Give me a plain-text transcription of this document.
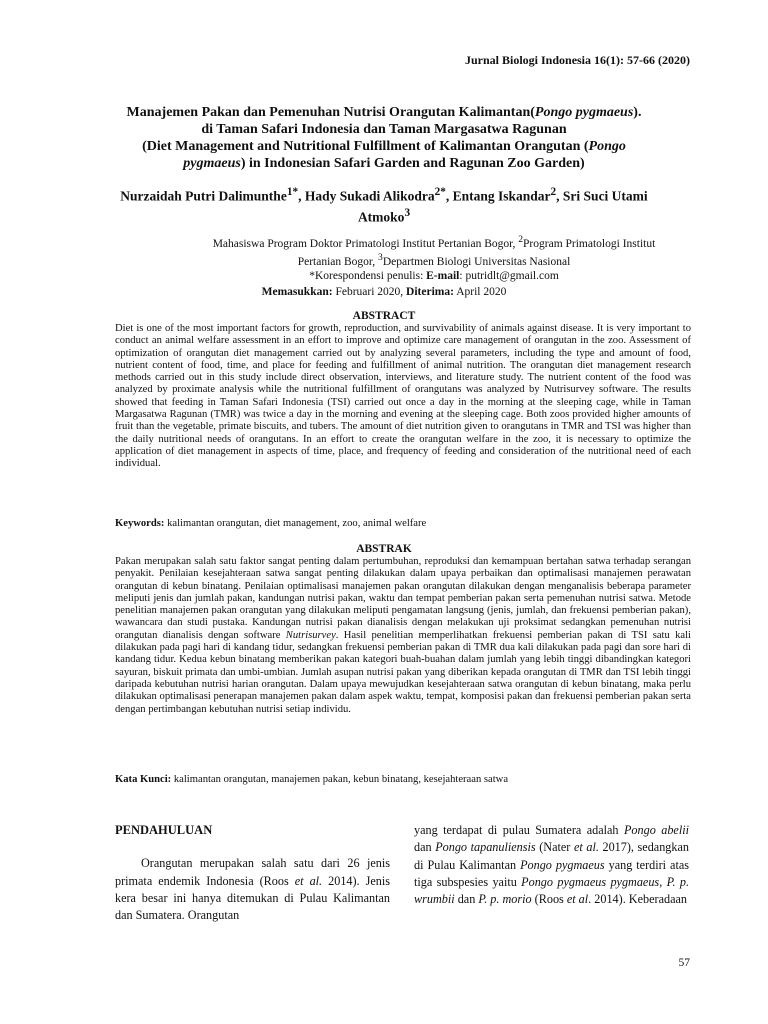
Jurnal Biologi Indonesia 16(1): 57-66 (2020)
Manajemen Pakan dan Pemenuhan Nutrisi Orangutan Kalimantan(Pongo pygmaeus).
di Taman Safari Indonesia dan Taman Margasatwa Ragunan
(Diet Management and Nutritional Fulfillment of Kalimantan Orangutan (Pongo
pygmaeus) in Indonesian Safari Garden and Ragunan Zoo Garden)
Nurzaidah Putri Dalimunthe$^{1*}$, Hady Sukadi Alikodra$^{2*}$, Entang Iskandar$^2$, Sri Suci Utami Atmoko$^3$
Mahasiswa Program Doktor Primatologi Institut Pertanian Bogor, $^2$Program Primatologi Institut
Pertanian Bogor, $^3$Departmen Biologi Universitas Nasional
*Korespondensi penulis: E-mail: putridlt@gmail.com
Memasukkan: Februari 2020, Diterima: April 2020
ABSTRACT
Diet is one of the most important factors for growth, reproduction, and survivability of animals against disease. It is very important to conduct an animal welfare assessment in an effort to improve and optimize care management of orangutan in the zoo. Assessment of optimization of orangutan diet management carried out by analyzing several parameters, including the type and amount of food, nutrient content of food, time, and place for feeding and fulfillment of animal nutrition. The orangutan diet management research methods carried out in this study include direct observation, interviews, and literature study. The nutrient content of the food was analyzed by proximate analysis while the nutritional fulfillment of orangutans was analyzed by Nutrisurvey software. The results showed that feeding in Taman Safari Indonesia (TSI) carried out once a day in the morning at the sleeping cage, while in Taman Margasatwa Ragunan (TMR) was twice a day in the morning and evening at the sleeping cage. Both zoos provided higher amounts of fruit than the vegetable, primate biscuits, and tubers. The amount of diet nutrition given to orangutans in TMR and TSI was higher than the daily nutritional needs of orangutans. In an effort to create the orangutan welfare in the zoo, it is necessary to optimize the application of diet management in aspects of time, place, and frequency of feeding and consideration of the nutritional need of each individual.
Keywords: kalimantan orangutan, diet management, zoo, animal welfare
ABSTRAK
Pakan merupakan salah satu faktor sangat penting dalam pertumbuhan, reproduksi dan kemampuan bertahan satwa terhadap serangan penyakit. Penilaian kesejahteraan satwa sangat penting dilakukan dalam upaya perbaikan dan optimalisasi manajemen perawatan orangutan di kebun binatang. Penilaian optimalisasi manajemen pakan orangutan dilakukan dengan menganalisis beberapa parameter meliputi jenis dan jumlah pakan, kandungan nutrisi pakan, waktu dan tempat pemberian pakan serta pemenuhan nutrisi satwa. Metode penelitian manajemen pakan orangutan yang dilakukan meliputi pengamatan langsung (jenis, jumlah, dan frekuensi pemberian pakan), wawancara dan studi pustaka. Kandungan nutrisi pakan dianalisis dengan melakukan uji proksimat sedangkan pemenuhan nutrisi orangutan dianalisis dengan software Nutrisurvey. Hasil penelitian memperlihatkan frekuensi pemberian pakan di TSI satu kali dilakukan pada pagi hari di kandang tidur, sedangkan frekuensi pemberian pakan di TMR dua kali dilakukan pada pagi dan sore hari di kandang tidur. Kedua kebun binatang memberikan pakan kategori buah-buahan dalam jumlah yang lebih tinggi dibandingkan kategori sayuran, biskuit primata dan umbi-umbian. Jumlah asupan nutrisi pakan yang diberikan kepada orangutan di TMR dan TSI lebih tinggi daripada kebutuhan nutrisi harian orangutan. Dalam upaya mewujudkan kesejahteraan satwa orangutan di kebun binatang, maka perlu dilakukan optimalisasi penerapan manajemen pakan dalam aspek waktu, tempat, komposisi pakan dan frekuensi pemberian pakan serta dengan pertimbangan kebutuhan nutrisi setiap individu.
Kata Kunci: kalimantan orangutan, manajemen pakan, kebun binatang, kesejahteraan satwa
PENDAHULUAN

Orangutan merupakan salah satu dari 26 jenis primata endemik Indonesia (Roos et al. 2014). Jenis kera besar ini hanya ditemukan di Pulau Kalimantan dan Sumatera. Orangutan

yang terdapat di pulau Sumatera adalah Pongo abelii dan Pongo tapanuliensis (Nater et al. 2017), sedangkan di Pulau Kalimantan Pongo pygmaeus yang terdiri atas tiga subspesies yaitu Pongo pygmaeus pygmaeus, P. p. wrumbii dan P. p. morio (Roos et al. 2014). Keberadaan

57
